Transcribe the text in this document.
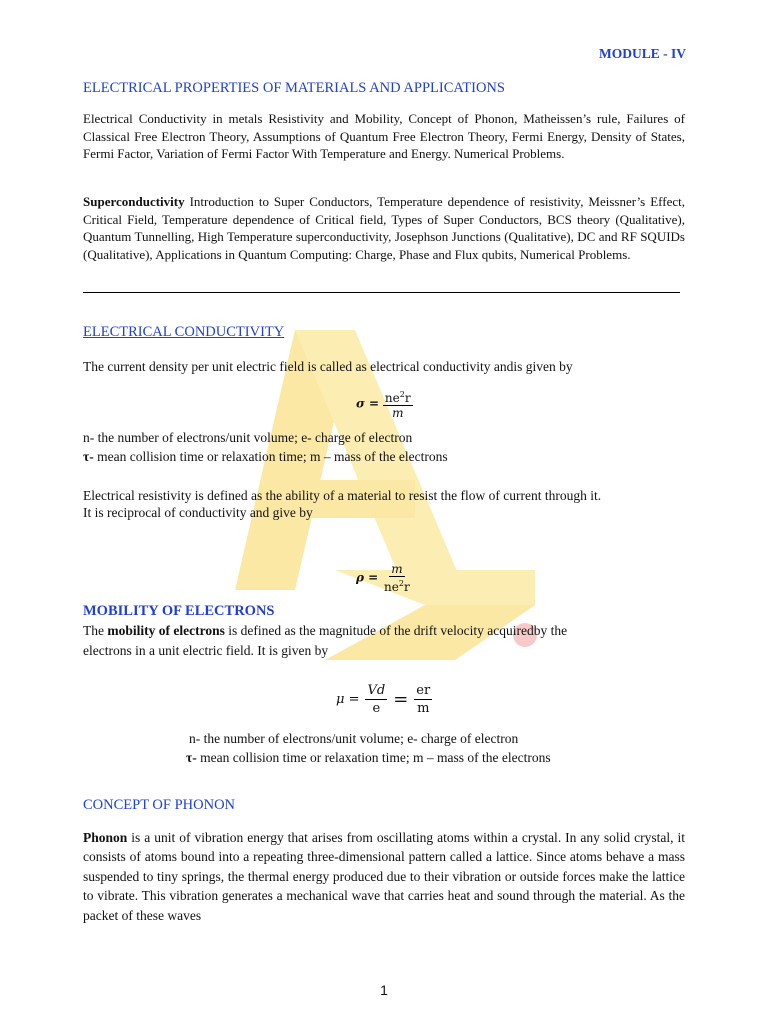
MODULE - IV
ELECTRICAL PROPERTIES OF MATERIALS AND APPLICATIONS
Electrical Conductivity in metals Resistivity and Mobility, Concept of Phonon, Matheissen’s rule, Failures of Classical Free Electron Theory, Assumptions of Quantum Free Electron Theory, Fermi Energy, Density of States, Fermi Factor, Variation of Fermi Factor With Temperature and Energy. Numerical Problems.
Superconductivity Introduction to Super Conductors, Temperature dependence of resistivity, Meissner’s Effect, Critical Field, Temperature dependence of Critical field, Types of Super Conductors, BCS theory (Qualitative), Quantum Tunnelling, High Temperature superconductivity, Josephson Junctions (Qualitative), DC and RF SQUIDs (Qualitative), Applications in Quantum Computing: Charge, Phase and Flux qubits, Numerical Problems.
ELECTRICAL CONDUCTIVITY
The current density per unit electric field is called as electrical conductivity andis given by
$\sigma = \frac{ne^2r}{m}$
n- the number of electrons/unit volume; e- charge of electron
τ- mean collision time or relaxation time; m – mass of the electrons
Electrical resistivity is defined as the ability of a material to resist the flow of current through it.
It is reciprocal of conductivity and give by
$\rho = \frac{m}{ne^2r}$
MOBILITY OF ELECTRONS
The mobility of electrons is defined as the magnitude of the drift velocity acquiredby the
electrons in a unit electric field. It is given by
$\mu = \frac{Vd}{e} = \frac{er}{m}$
n- the number of electrons/unit volume; e- charge of electron
τ- mean collision time or relaxation time; m – mass of the electrons
CONCEPT OF PHONON
Phonon is a unit of vibration energy that arises from oscillating atoms within a crystal. In any solid crystal, it consists of atoms bound into a repeating three-dimensional pattern called a lattice. Since atoms behave a mass suspended to tiny springs, the thermal energy produced due to their vibration or outside forces make the lattice to vibrate. This vibration generates a mechanical wave that carries heat and sound through the material. As the packet of these waves
1
